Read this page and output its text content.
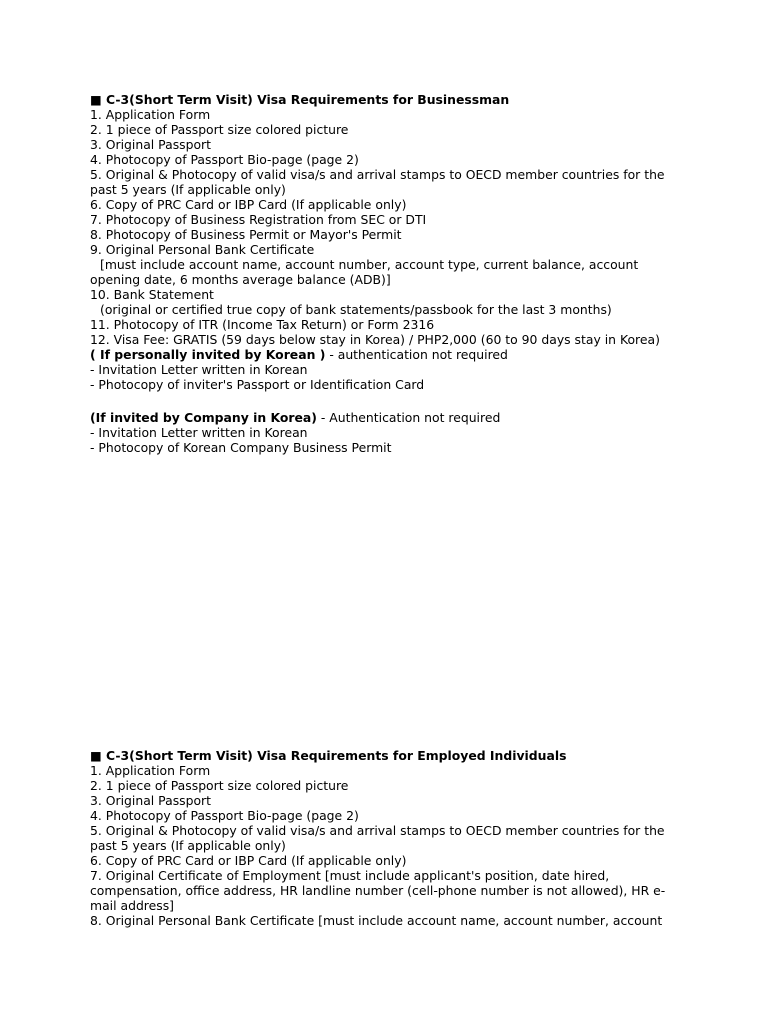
■ C-3(Short Term Visit) Visa Requirements for Businessman
1. Application Form
2. 1 piece of Passport size colored picture
3. Original Passport
4. Photocopy of Passport Bio-page (page 2)
5. Original & Photocopy of valid visa/s and arrival stamps to OECD member countries for the
past 5 years (If applicable only)
6. Copy of PRC Card or IBP Card (If applicable only)
7. Photocopy of Business Registration from SEC or DTI
8. Photocopy of Business Permit or Mayor's Permit
9. Original Personal Bank Certificate
[must include account name, account number, account type, current balance, account
opening date, 6 months average balance (ADB)]
10. Bank Statement
(original or certified true copy of bank statements/passbook for the last 3 months)
11. Photocopy of ITR (Income Tax Return) or Form 2316
12. Visa Fee: GRATIS (59 days below stay in Korea) / PHP2,000 (60 to 90 days stay in Korea)
( If personally invited by Korean ) - authentication not required
- Invitation Letter written in Korean
- Photocopy of inviter's Passport or Identification Card
(If invited by Company in Korea) - Authentication not required
- Invitation Letter written in Korean
- Photocopy of Korean Company Business Permit
■ C-3(Short Term Visit) Visa Requirements for Employed Individuals
1. Application Form
2. 1 piece of Passport size colored picture
3. Original Passport
4. Photocopy of Passport Bio-page (page 2)
5. Original & Photocopy of valid visa/s and arrival stamps to OECD member countries for the
past 5 years (If applicable only)
6. Copy of PRC Card or IBP Card (If applicable only)
7. Original Certificate of Employment [must include applicant's position, date hired,
compensation, office address, HR landline number (cell-phone number is not allowed), HR e-
mail address]
8. Original Personal Bank Certificate [must include account name, account number, account
